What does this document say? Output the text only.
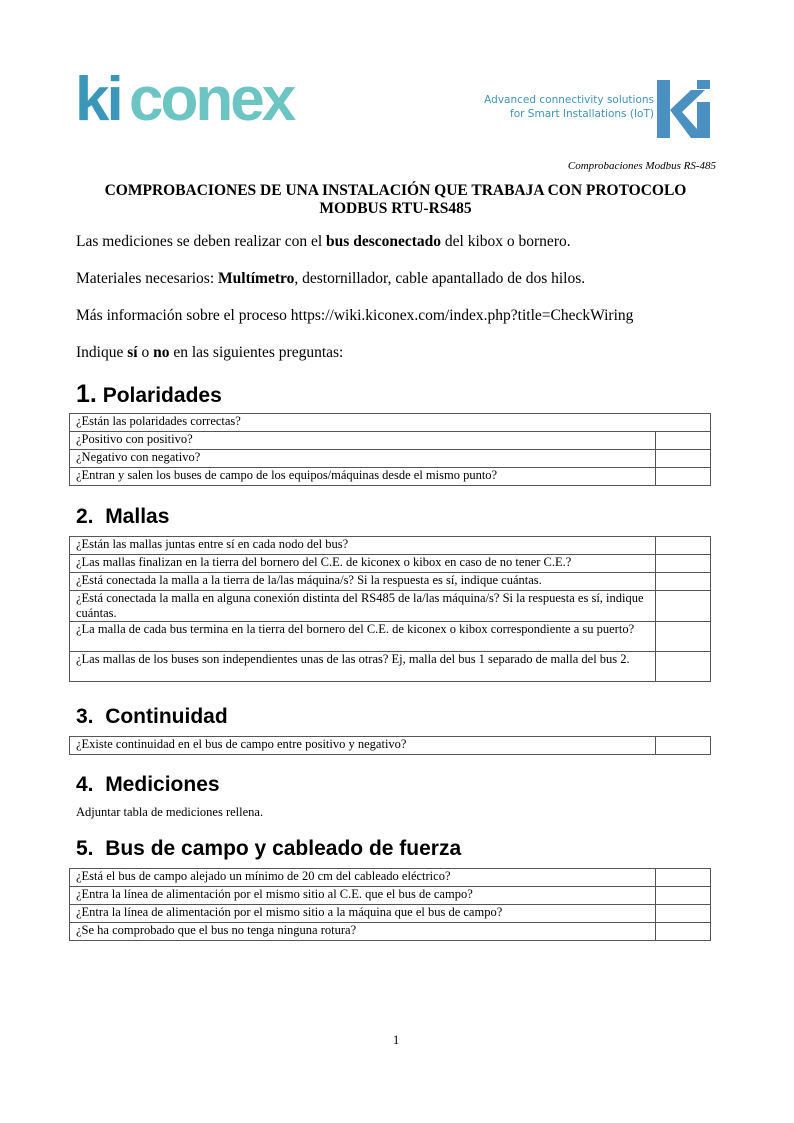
ki conex	Advanced connectivity solutions
for Smart Installations (IoT)
Comprobaciones Modbus RS-485
COMPROBACIONES DE UNA INSTALACIÓN QUE TRABAJA CON PROTOCOLO
MODBUS RTU-RS485
Las mediciones se deben realizar con el bus desconectado del kibox o bornero.
Materiales necesarios: Multímetro, destornillador, cable apantallado de dos hilos.
Más información sobre el proceso https://wiki.kiconex.com/index.php?title=CheckWiring
Indique sí o no en las siguientes preguntas:
1. Polaridades
¿Están las polaridades correctas?	
¿Positivo con positivo?	
¿Negativo con negativo?	
¿Entran y salen los buses de campo de los equipos/máquinas desde el mismo punto?	
2. Mallas
¿Están las mallas juntas entre sí en cada nodo del bus?	
¿Las mallas finalizan en la tierra del bornero del C.E. de kiconex o kibox en caso de no tener C.E.?	
¿Está conectada la malla a la tierra de la/las máquina/s? Si la respuesta es sí, indique cuántas.	
¿Está conectada la malla en alguna conexión distinta del RS485 de la/las máquina/s? Si la respuesta es sí, indique cuántas.	
¿La malla de cada bus termina en la tierra del bornero del C.E. de kiconex o kibox correspondiente a su puerto?	
¿Las mallas de los buses son independientes unas de las otras? Ej, malla del bus 1 separado de malla del bus 2.	
3. Continuidad
¿Existe continuidad en el bus de campo entre positivo y negativo?	
4. Mediciones
Adjuntar tabla de mediciones rellena.
5. Bus de campo y cableado de fuerza
¿Está el bus de campo alejado un mínimo de 20 cm del cableado eléctrico?	
¿Entra la línea de alimentación por el mismo sitio al C.E. que el bus de campo?	
¿Entra la línea de alimentación por el mismo sitio a la máquina que el bus de campo?	
¿Se ha comprobado que el bus no tenga ninguna rotura?	
1
